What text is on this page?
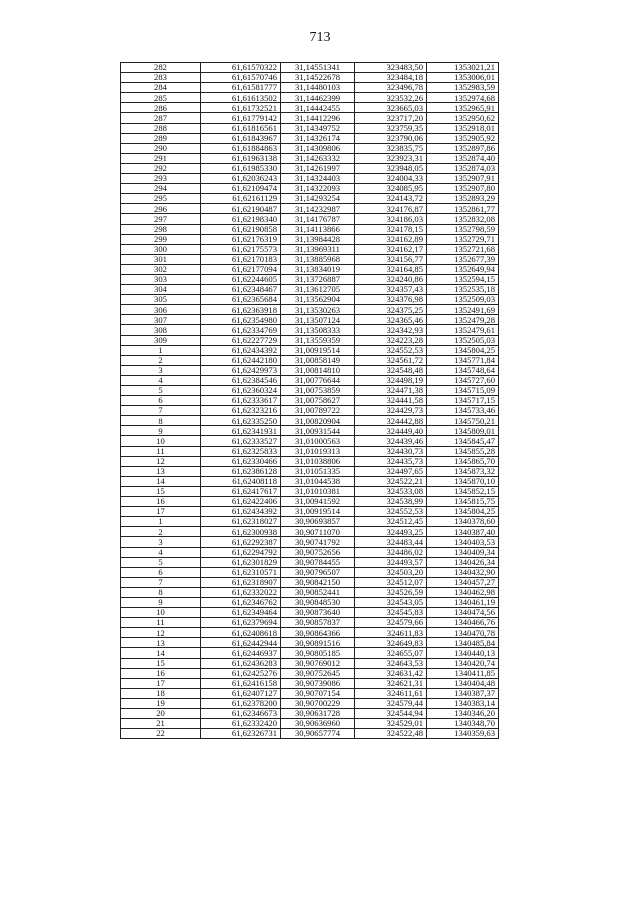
713
282	61,61570322	31,14551341	323483,50	1353021,21
283	61,61570746	31,14522678	323484,18	1353006,01
284	61,61581777	31,14480103	323496,78	1352983,59
285	61,61613502	31,14462399	323532,26	1352974,68
286	61,61732521	31,14442455	323665,03	1352965,91
287	61,61779142	31,14412296	323717,20	1352950,62
288	61,61816561	31,14349752	323759,35	1352918,01
289	61,61843967	31,14326174	323790,06	1352905,92
290	61,61884863	31,14309806	323835,75	1352897,86
291	61,61963138	31,14263332	323923,31	1352874,40
292	61,61985330	31,14261997	323948,05	1352874,03
293	61,62036243	31,14324403	324004,33	1352907,91
294	61,62109474	31,14322093	324085,95	1352907,80
295	61,62161129	31,14293254	324143,72	1352893,29
296	61,62190487	31,14232987	324176,87	1352861,77
297	61,62198340	31,14176787	324186,03	1352832,08
298	61,62190858	31,14113866	324178,15	1352798,59
299	61,62176319	31,13984428	324162,89	1352729,71
300	61,62175573	31,13969311	324162,17	1352721,68
301	61,62170183	31,13885968	324156,77	1352677,39
302	61,62177094	31,13834019	324164,85	1352649,94
303	61,62244605	31,13726887	324240,86	1352594,15
304	61,62348467	31,13612705	324357,43	1352535,18
305	61,62365684	31,13562904	324376,98	1352509,03
306	61,62363918	31,13530263	324375,25	1352491,69
307	61,62354980	31,13507124	324365,46	1352479,28
308	61,62334769	31,13508333	324342,93	1352479,61
309	61,62227729	31,13559359	324223,28	1352505,03
1	61,62434392	31,00919514	324552,53	1345804,25
2	61,62442180	31,00858149	324561,72	1345771,84
3	61,62429973	31,00814810	324548,48	1345748,64
4	61,62384546	31,00776644	324498,19	1345727,60
5	61,62360324	31,00753859	324471,38	1345715,09
6	61,62333617	31,00758627	324441,58	1345717,15
7	61,62323216	31,00789722	324429,73	1345733,46
8	61,62335250	31,00820904	324442,88	1345750,21
9	61,62341931	31,00931544	324449,40	1345809,01
10	61,62333527	31,01000563	324439,46	1345845,47
11	61,62325833	31,01019313	324430,73	1345855,28
12	61,62330466	31,01038806	324435,73	1345865,70
13	61,62386128	31,01051335	324497,65	1345873,32
14	61,62408118	31,01044538	324522,21	1345870,10
15	61,62417617	31,01010381	324533,08	1345852,15
16	61,62422406	31,00941592	324538,99	1345815,75
17	61,62434392	31,00919514	324552,53	1345804,25
1	61,62318027	30,90693857	324512,45	1340378,60
2	61,62300938	30,90711070	324493,25	1340387,40
3	61,62292387	30,90741792	324483,44	1340403,53
4	61,62294792	30,90752656	324486,02	1340409,34
5	61,62301829	30,90784455	324493,57	1340426,34
6	61,62310571	30,90796507	324503,20	1340432,90
7	61,62318907	30,90842150	324512,07	1340457,27
8	61,62332022	30,90852441	324526,59	1340462,98
9	61,62346762	30,90848530	324543,05	1340461,19
10	61,62349464	30,90873640	324545,83	1340474,56
11	61,62379694	30,90857837	324579,66	1340466,76
12	61,62408618	30,90864366	324611,83	1340470,78
13	61,62442944	30,90891516	324649,83	1340485,84
14	61,62446937	30,90805185	324655,07	1340440,13
15	61,62436283	30,90769012	324643,53	1340420,74
16	61,62425276	30,90752645	324631,42	1340411,85
17	61,62416158	30,90739086	324621,31	1340404,48
18	61,62407127	30,90707154	324611,61	1340387,37
19	61,62378200	30,90700229	324579,44	1340383,14
20	61,62346673	30,90631728	324544,94	1340346,20
21	61,62332420	30,90636960	324529,01	1340348,70
22	61,62326731	30,90657774	324522,48	1340359,63
